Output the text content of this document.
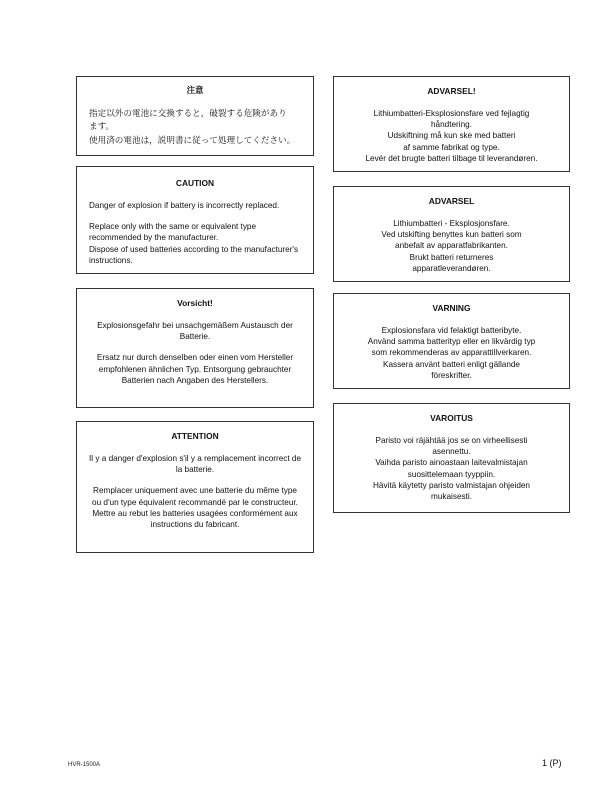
注意

指定以外の電池に交換すると，破裂する危険があり

ます。

使用済の電池は，説明書に従って処理してください。

CAUTION

Danger of explosion if battery is incorrectly replaced.

Replace only with the same or equivalent type recommended by the manufacturer.

Dispose of used batteries according to the manufacturer's instructions.

Vorsicht!

Explosionsgefahr bei unsachgemäßem Austausch der Batterie.

Ersatz nur durch denselben oder einen vom Hersteller empfohlenen ähnlichen Typ. Entsorgung gebrauchter Batterien nach Angaben des Herstellers.

ATTENTION

Il y a danger d'explosion s'il y a remplacement incorrect de la batterie.

Remplacer uniquement avec une batterie du même type ou d'un type équivalent recommandé par le constructeur.

Mettre au rebut les batteries usagées conformément aux instructions du fabricant.

ADVARSEL!

Lithiumbatteri-Eksplosionsfare ved fejlagtig

håndtering.

Udskiftning må kun ske med batteri

af samme fabrikat og type.

Levér det brugte batteri tilbage til leverandøren.

ADVARSEL

Lithiumbatteri - Eksplosjonsfare.

Ved utskifting benyttes kun batteri som

anbefalt av apparatfabrikanten.

Brukt batteri returneres

apparatleverandøren.

VARNING

Explosionsfara vid felaktigt batteribyte.

Använd samma batterityp eller en likvärdig typ

som rekommenderas av apparattillverkaren.

Kassera använt batteri enligt gällande

föreskrifter.

VAROITUS

Paristo voi räjähtää jos se on virheellisesti

asennettu.

Vaihda paristo ainoastaan laitevalmistajan

suosittelemaan tyyppiin.

Hävitä käytetty paristo valmistajan ohjeiden

mukaisesti.

HVR-1500A	1 (P)
